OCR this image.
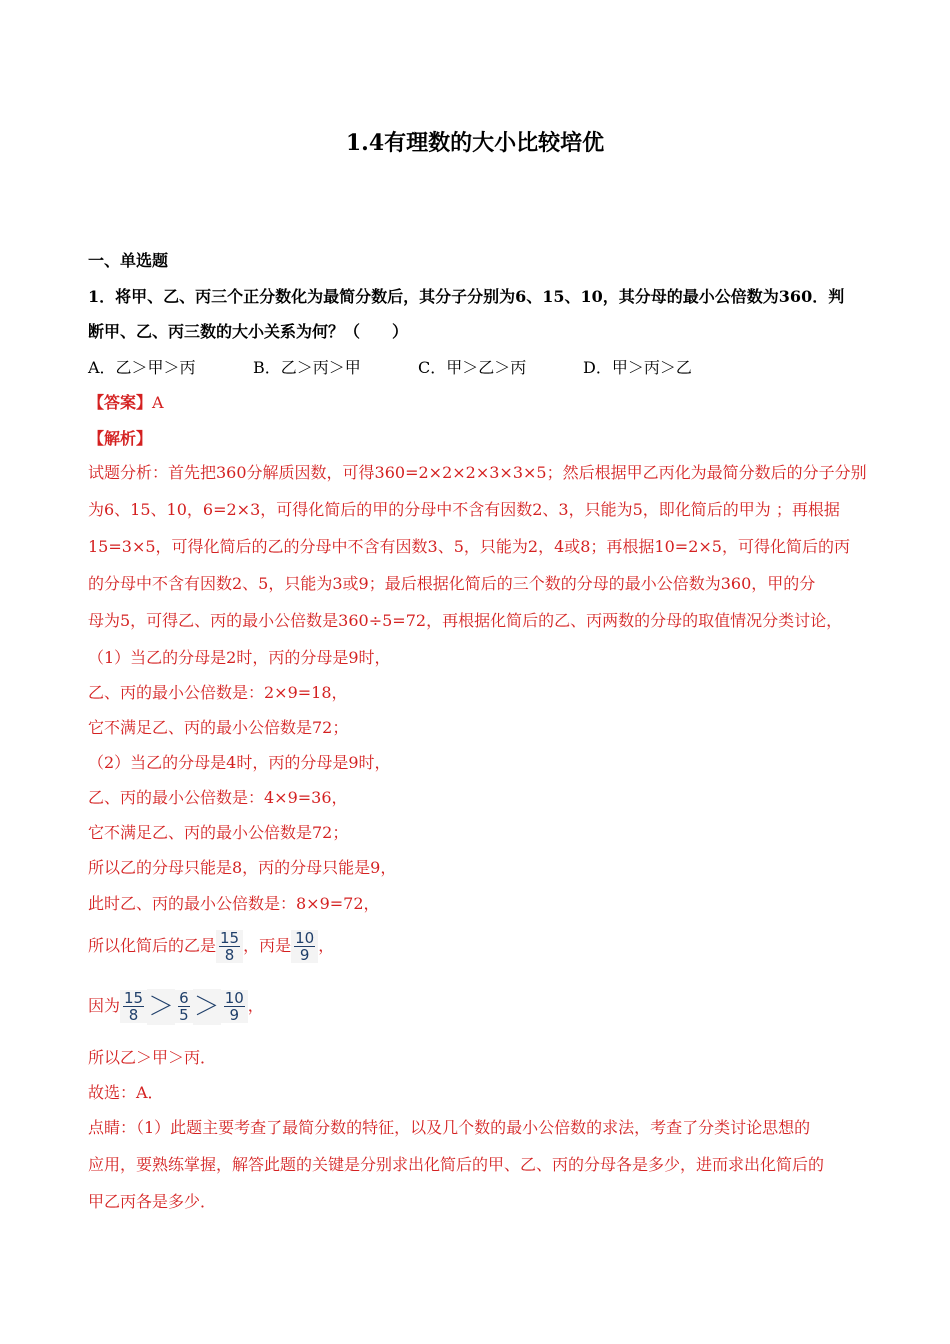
1.4有理数的大小比较培优
一、单选题
1．将甲、乙、丙三个正分数化为最简分数后，其分子分别为6、15、10，其分母的最小公倍数为360．判
断甲、乙、丙三数的大小关系为何？（　　）
A．乙＞甲＞丙	B．乙＞丙＞甲	C．甲＞乙＞丙	D．甲＞丙＞乙
【答案】A
【解析】
试题分析：首先把360分解质因数，可得360=2×2×2×3×3×5；然后根据甲乙丙化为最简分数后的分子分别
为6、15、10，6=2×3，可得化简后的甲的分母中不含有因数2、3，只能为5，即化简后的甲为 ；再根据
15=3×5，可得化简后的乙的分母中不含有因数3、5，只能为2，4或8；再根据10=2×5，可得化简后的丙
的分母中不含有因数2、5，只能为3或9；最后根据化简后的三个数的分母的最小公倍数为360，甲的分
母为5，可得乙、丙的最小公倍数是360÷5=72，再根据化简后的乙、丙两数的分母的取值情况分类讨论，
（1）当乙的分母是2时，丙的分母是9时，
乙、丙的最小公倍数是：2×9=18，
它不满足乙、丙的最小公倍数是72；
（2）当乙的分母是4时，丙的分母是9时，
乙、丙的最小公倍数是：4×9=36，
它不满足乙、丙的最小公倍数是72；
所以乙的分母只能是8，丙的分母只能是9，
此时乙、丙的最小公倍数是：8×9=72，
所以化简后的乙是 $\frac{15}{8}$ ，丙是 $\frac{10}{9}$ ，
因为 $\frac{15}{8} > \frac{6}{5} > \frac{10}{9}$ ，
所以乙＞甲＞丙．
故选：A．
点睛：（1）此题主要考查了最简分数的特征，以及几个数的最小公倍数的求法，考查了分类讨论思想的
应用，要熟练掌握，解答此题的关键是分别求出化简后的甲、乙、丙的分母各是多少，进而求出化简后的
甲乙丙各是多少．
